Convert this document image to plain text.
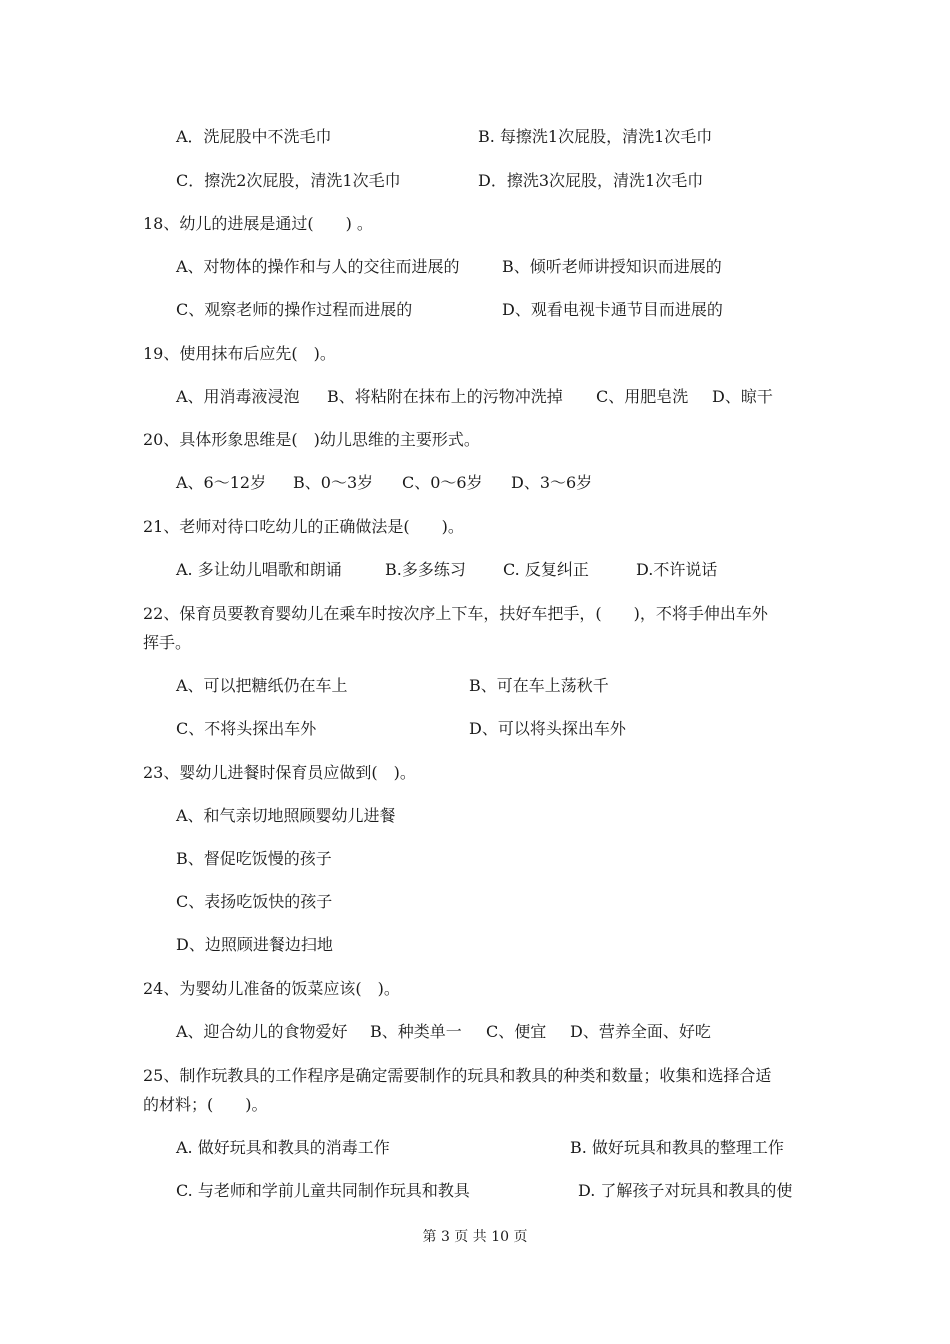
A．洗屁股中不洗毛巾	B. 每擦洗1次屁股，清洗1次毛巾
C．擦洗2次屁股，清洗1次毛巾	D．擦洗3次屁股，清洗1次毛巾
18、幼儿的进展是通过(　　) 。
A、对物体的操作和与人的交往而进展的	B、倾听老师讲授知识而进展的
C、观察老师的操作过程而进展的	D、观看电视卡通节目而进展的
19、使用抹布后应先(　)。
A、用消毒液浸泡 B、将粘附在抹布上的污物冲洗掉 C、用肥皂洗 D、晾干
20、具体形象思维是(　)幼儿思维的主要形式。
A、6～12岁 B、0～3岁 C、0～6岁 D、3～6岁
21、老师对待口吃幼儿的正确做法是(　　)。
A. 多让幼儿唱歌和朗诵	B.多多练习 C. 反复纠正	D.不许说话
22、保育员要教育婴幼儿在乘车时按次序上下车，扶好车把手，(　　)，不将手伸出车外
挥手。
A、可以把糖纸仍在车上	B、可在车上荡秋千
C、不将头探出车外	D、可以将头探出车外
23、婴幼儿进餐时保育员应做到(　)。
A、和气亲切地照顾婴幼儿进餐
B、督促吃饭慢的孩子
C、表扬吃饭快的孩子
D、边照顾进餐边扫地
24、为婴幼儿准备的饭菜应该(　)。
A、迎合幼儿的食物爱好 B、种类单一 C、便宜 D、营养全面、好吃
25、制作玩教具的工作程序是确定需要制作的玩具和教具的种类和数量；收集和选择合适
的材料；(　　)。
A. 做好玩具和教具的消毒工作	B. 做好玩具和教具的整理工作
C. 与老师和学前儿童共同制作玩具和教具	D. 了解孩子对玩具和教具的使
第 3 页 共 10 页
